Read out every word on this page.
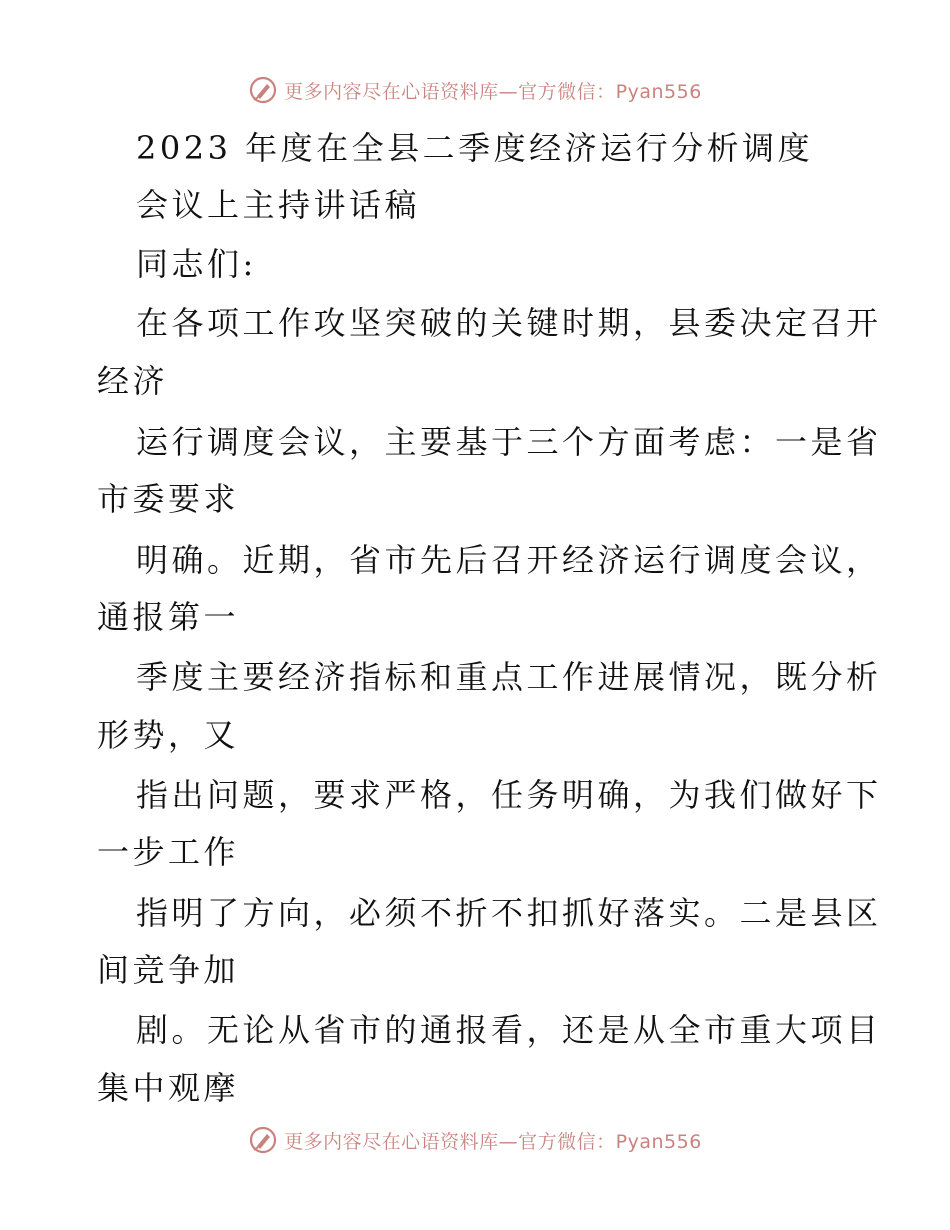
更多内容尽在心语资料库—官方微信：Pyan556
2023 年度在全县二季度经济运行分析调度
会议上主持讲话稿
同志们:
在各项工作攻坚突破的关键时期，县委决定召开
经济
运行调度会议，主要基于三个方面考虑：一是省
市委要求
明确。近期，省市先后召开经济运行调度会议，
通报第一
季度主要经济指标和重点工作进展情况，既分析
形势，又
指出问题，要求严格，任务明确，为我们做好下
一步工作
指明了方向，必须不折不扣抓好落实。二是县区
间竞争加
剧。无论从省市的通报看，还是从全市重大项目
集中观摩
更多内容尽在心语资料库—官方微信：Pyan556
